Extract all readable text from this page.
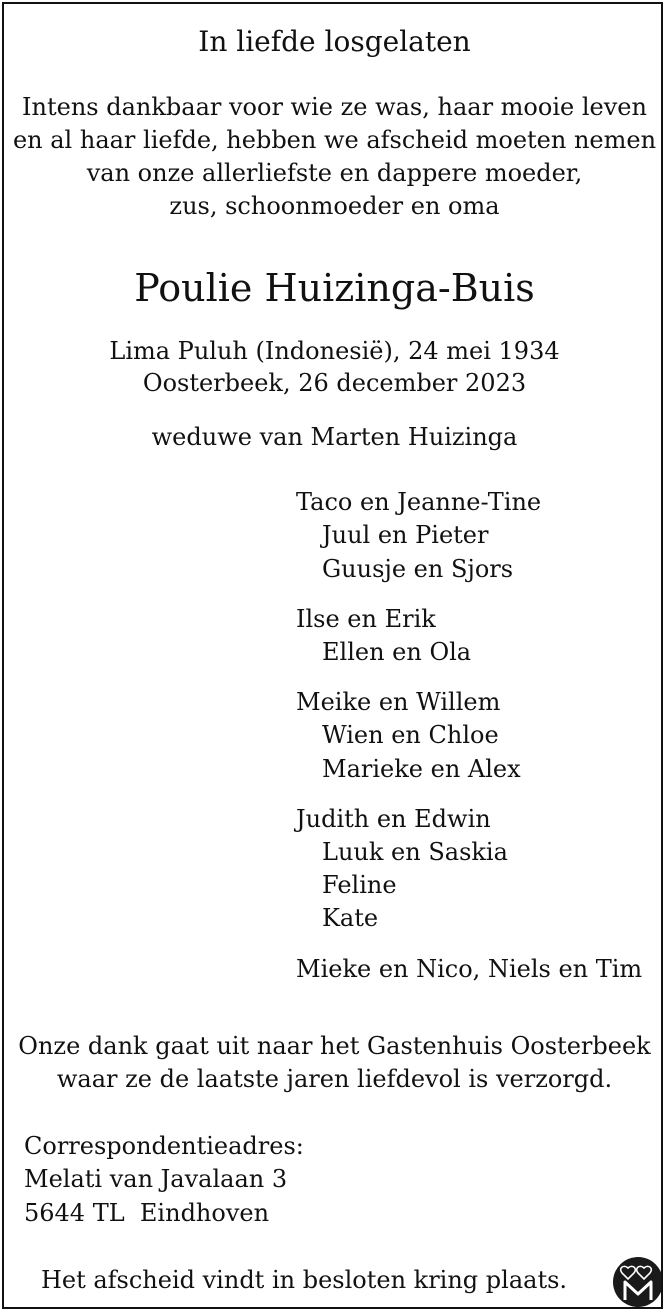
In liefde losgelaten
Intens dankbaar voor wie ze was, haar mooie leven
en al haar liefde, hebben we afscheid moeten nemen
van onze allerliefste en dappere moeder,
zus, schoonmoeder en oma
Poulie Huizinga-Buis
Lima Puluh (Indonesië), 24 mei 1934
Oosterbeek, 26 december 2023
weduwe van Marten Huizinga
Taco en Jeanne-Tine
Juul en Pieter
Guusje en Sjors
Ilse en Erik
Ellen en Ola
Meike en Willem
Wien en Chloe
Marieke en Alex
Judith en Edwin
Luuk en Saskia
Feline
Kate
Mieke en Nico, Niels en Tim
Onze dank gaat uit naar het Gastenhuis Oosterbeek
waar ze de laatste jaren liefdevol is verzorgd.
Correspondentieadres:
Melati van Javalaan 3
5644 TL  Eindhoven
Het afscheid vindt in besloten kring plaats.
